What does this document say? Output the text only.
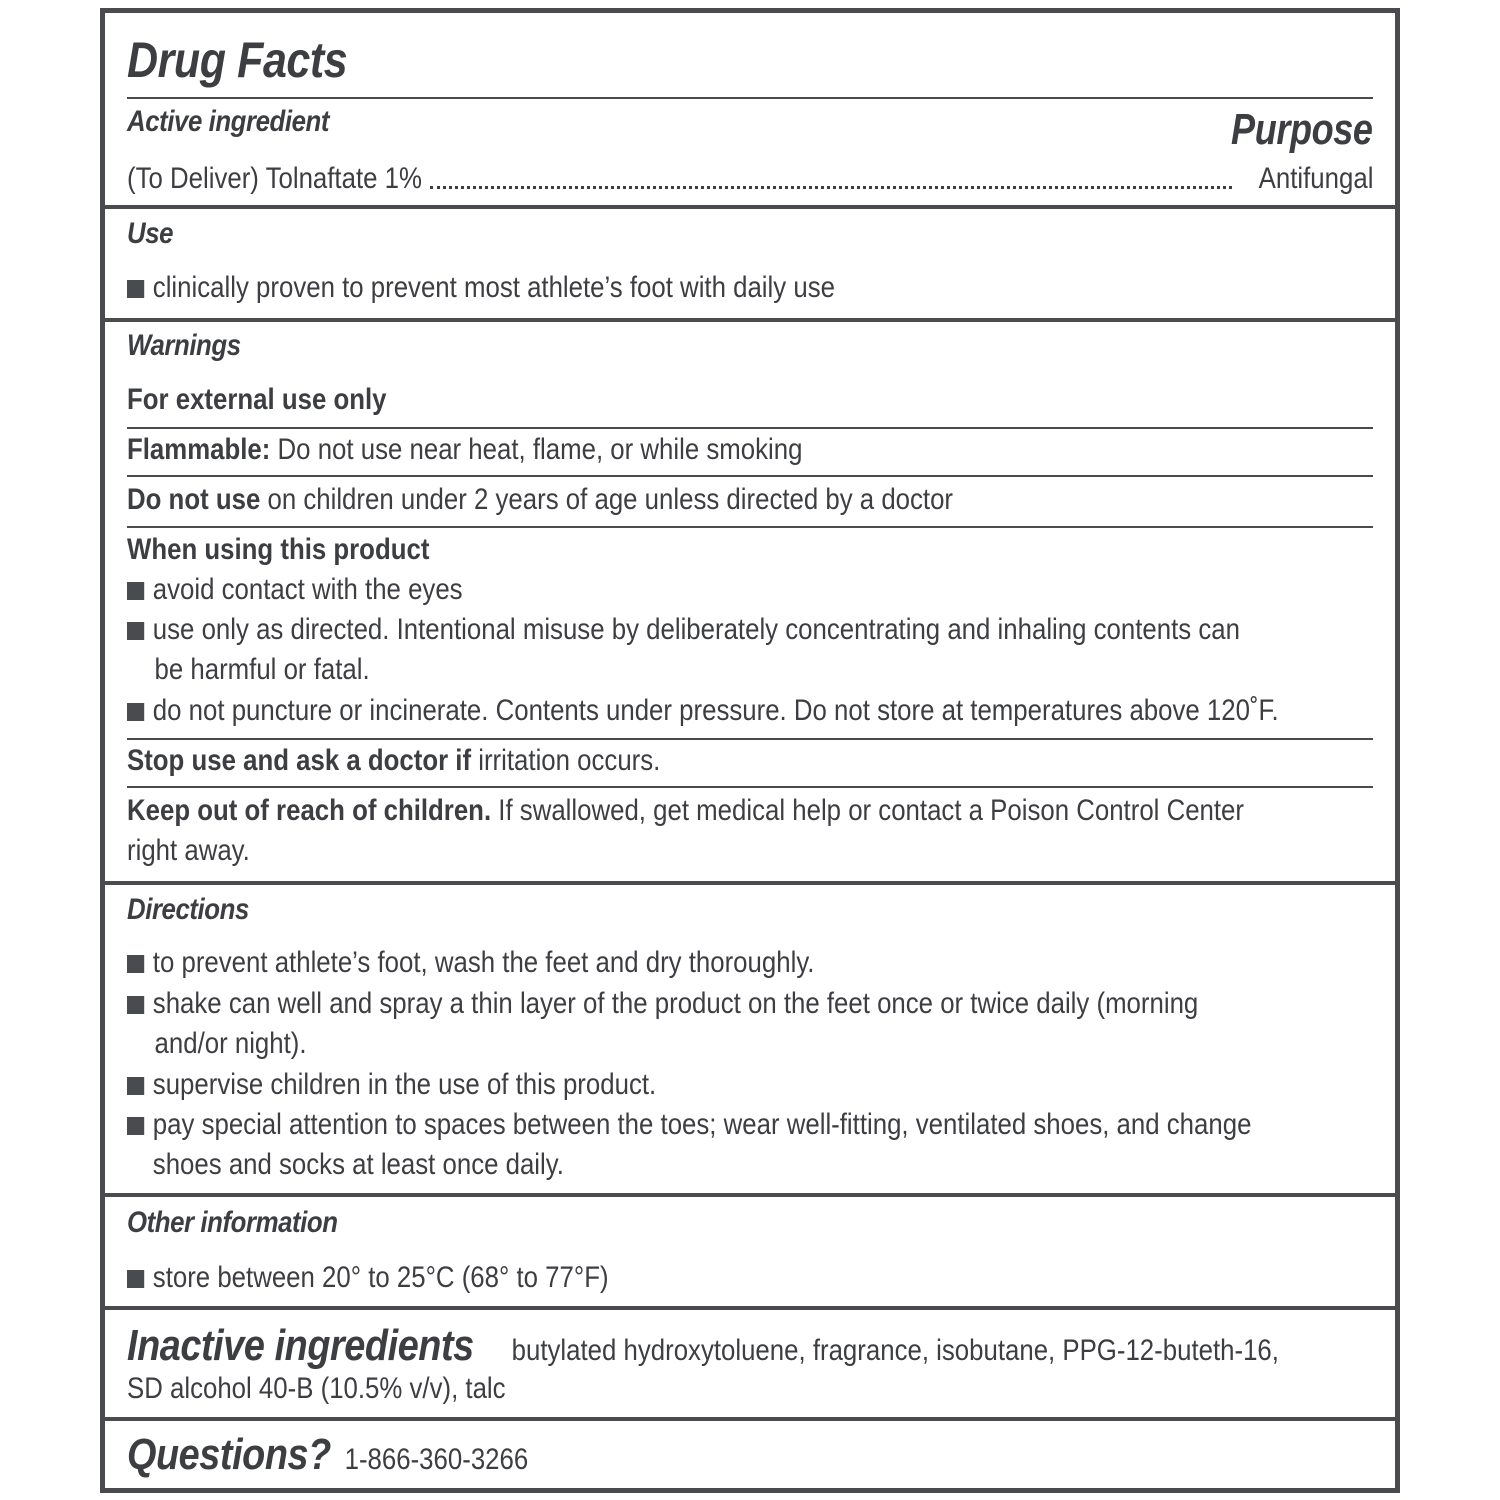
Drug Facts
Active ingredient	Purpose
(To Deliver) Tolnaftate 1%	Antifungal
Use
clinically proven to prevent most athlete’s foot with daily use
Warnings
For external use only
Flammable: Do not use near heat, flame, or while smoking
Do not use on children under 2 years of age unless directed by a doctor
When using this product
avoid contact with the eyes
use only as directed. Intentional misuse by deliberately concentrating and inhaling contents can
be harmful or fatal.
do not puncture or incinerate. Contents under pressure. Do not store at temperatures above 120˚F.
Stop use and ask a doctor if irritation occurs.
Keep out of reach of children. If swallowed, get medical help or contact a Poison Control Center
right away.
Directions
to prevent athlete’s foot, wash the feet and dry thoroughly.
shake can well and spray a thin layer of the product on the feet once or twice daily (morning
and/or night).
supervise children in the use of this product.
pay special attention to spaces between the toes; wear well-fitting, ventilated shoes, and change
shoes and socks at least once daily.
Other information
store between 20° to 25°C (68° to 77°F)
Inactive ingredients butylated hydroxytoluene, fragrance, isobutane, PPG-12-buteth-16,
SD alcohol 40-B (10.5% v/v), talc
Questions? 1-866-360-3266
